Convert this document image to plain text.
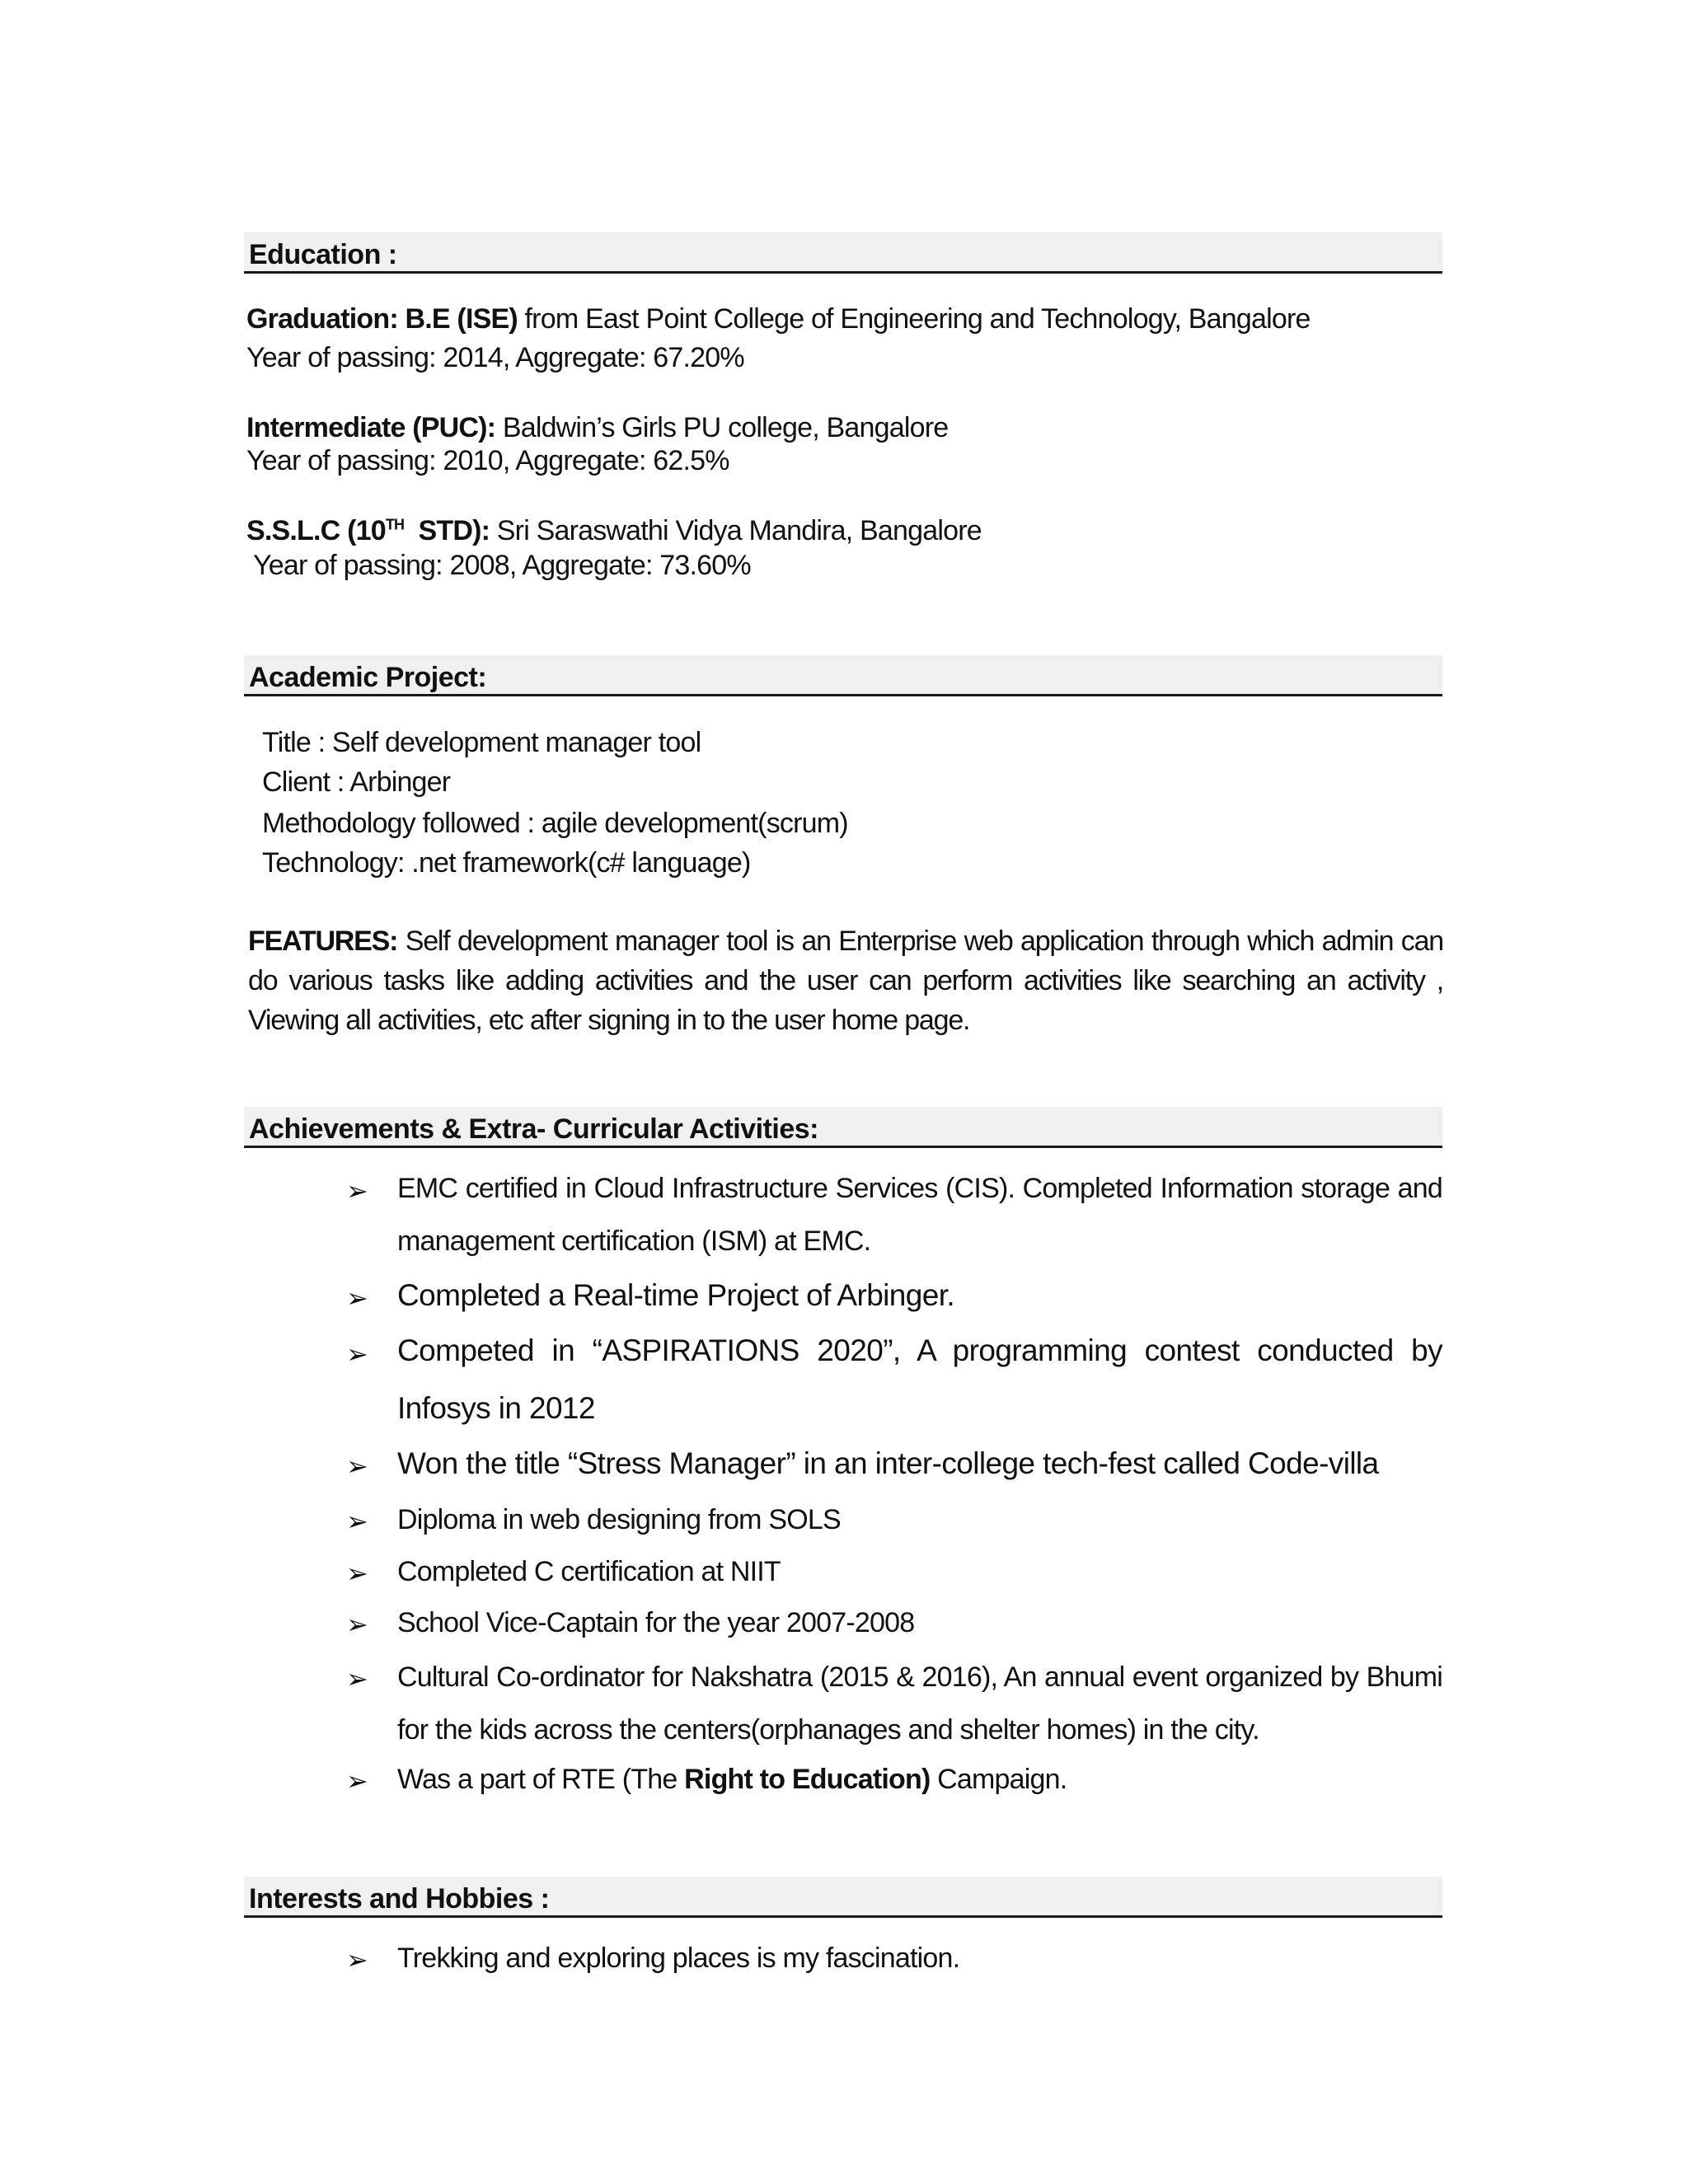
Education :
Graduation: B.E (ISE) from East Point College of Engineering and Technology, Bangalore
Year of passing: 2014, Aggregate: 67.20%
Intermediate (PUC): Baldwin’s Girls PU college, Bangalore
Year of passing: 2010, Aggregate: 62.5%
S.S.L.C (10TH  STD): Sri Saraswathi Vidya Mandira, Bangalore
Year of passing: 2008, Aggregate: 73.60%
Academic Project:
Title : Self development manager tool
Client : Arbinger
Methodology followed : agile development(scrum)
Technology: .net framework(c# language)
FEATURES: Self development manager tool is an Enterprise web application through which admin can do various tasks like adding activities and the user can perform activities like searching an activity , Viewing all activities, etc after signing in to the user home page.
Achievements & Extra- Curricular Activities:
➢ EMC certified in Cloud Infrastructure Services (CIS). Completed Information storage and management certification (ISM) at EMC.
➢ Completed a Real-time Project of Arbinger.
➢ Competed in “ASPIRATIONS 2020”, A programming contest conducted by Infosys in 2012
➢ Won the title “Stress Manager” in an inter-college tech-fest called Code-villa
➢ Diploma in web designing from SOLS
➢ Completed C certification at NIIT
➢ School Vice-Captain for the year 2007-2008
➢ Cultural Co-ordinator for Nakshatra (2015 & 2016), An annual event organized by Bhumi for the kids across the centers(orphanages and shelter homes) in the city.
➢ Was a part of RTE (The Right to Education) Campaign.
Interests and Hobbies :
➢ Trekking and exploring places is my fascination.
